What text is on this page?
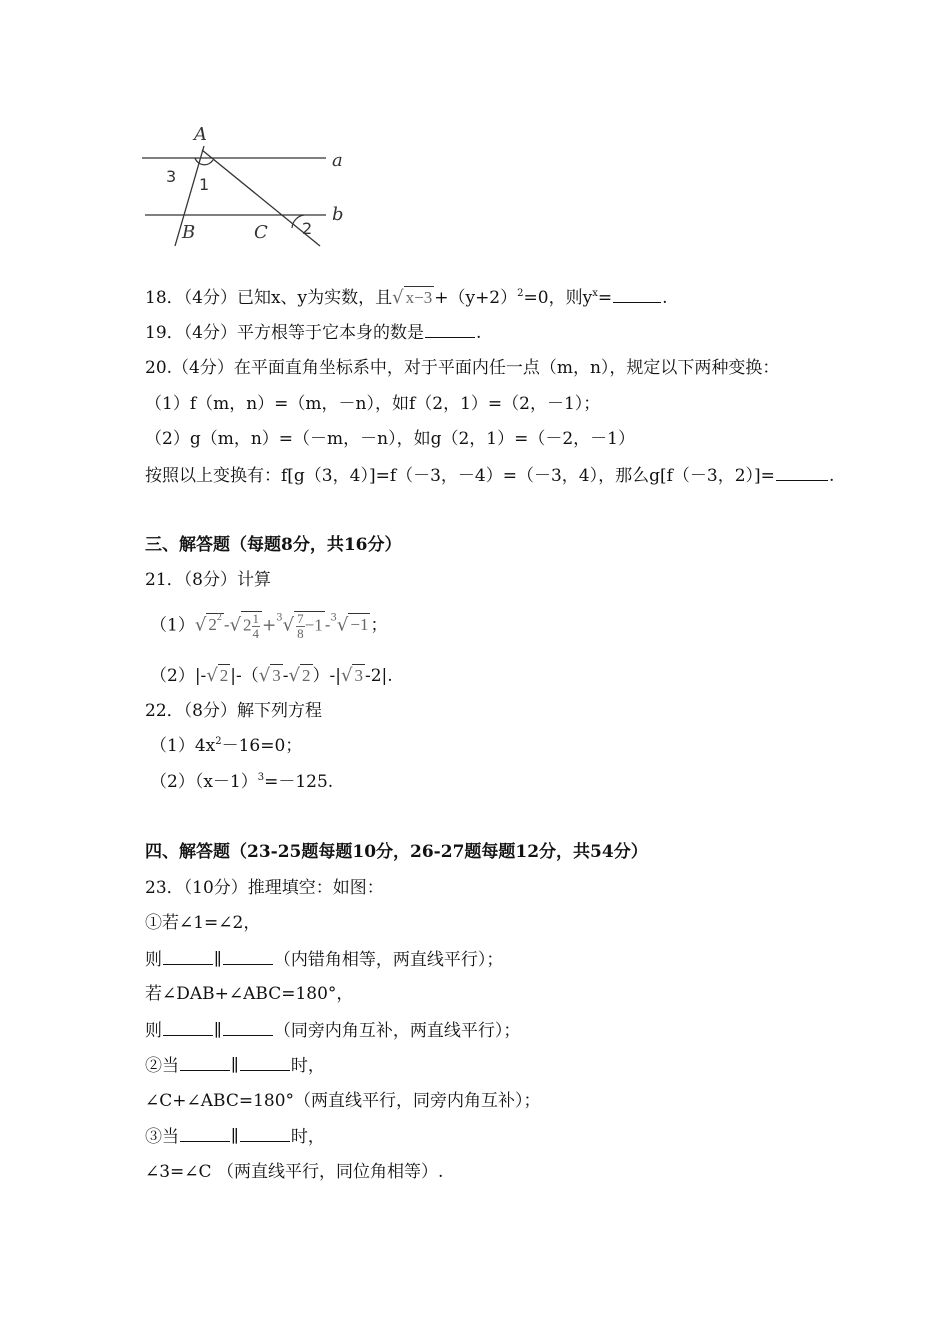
A
a
b
B	C
1
2
3
18．（4分）已知x、y为实数，且√ $x-3 +(y+2)^2=0$，则$y^x=$	.
19．（4分）平方根等于它本身的数是	.
20.（4分）在平面直角坐标系中，对于平面内任一点（m，n），规定以下两种变换：
（1）f（m，n）=（m，－n），如f（2，1）=（2，－1）；
（2）g（m，n）=（－m，－n），如g（2，1）=（－2，－1）
按照以上变换有：f[g（3，4）]=f（－3，－4）=（－3，4），那么g[f（－3，2）]=	.
三、解答题（每题8分，共16分）
21．（8分）计算
（1）√ $2^2$ -√ $2 \frac{1}{4} +^3√ \frac{7}{8} -1$ -$^3$√ −1 ；
（2）|-√ 2 |-（√ 3 -√ 2 ）-|√ 3 -2|.
22．（8分）解下列方程
$(1)4x^2-16=0$；
$(2)(x-1)^3=-125$.
四、解答题（23-25题每题10分，26-27题每题12分，共54分）
23．（10分）推理填空：如图：
①若∠1=∠2，
则	∥	（内错角相等，两直线平行）；
若∠DAB+∠ABC=180°，
则	∥	（同旁内角互补，两直线平行）；
②当	∥	时，
∠C+∠ABC=180°（两直线平行，同旁内角互补）；
③当	∥	时，
∠3=∠C （两直线平行，同位角相等）.
